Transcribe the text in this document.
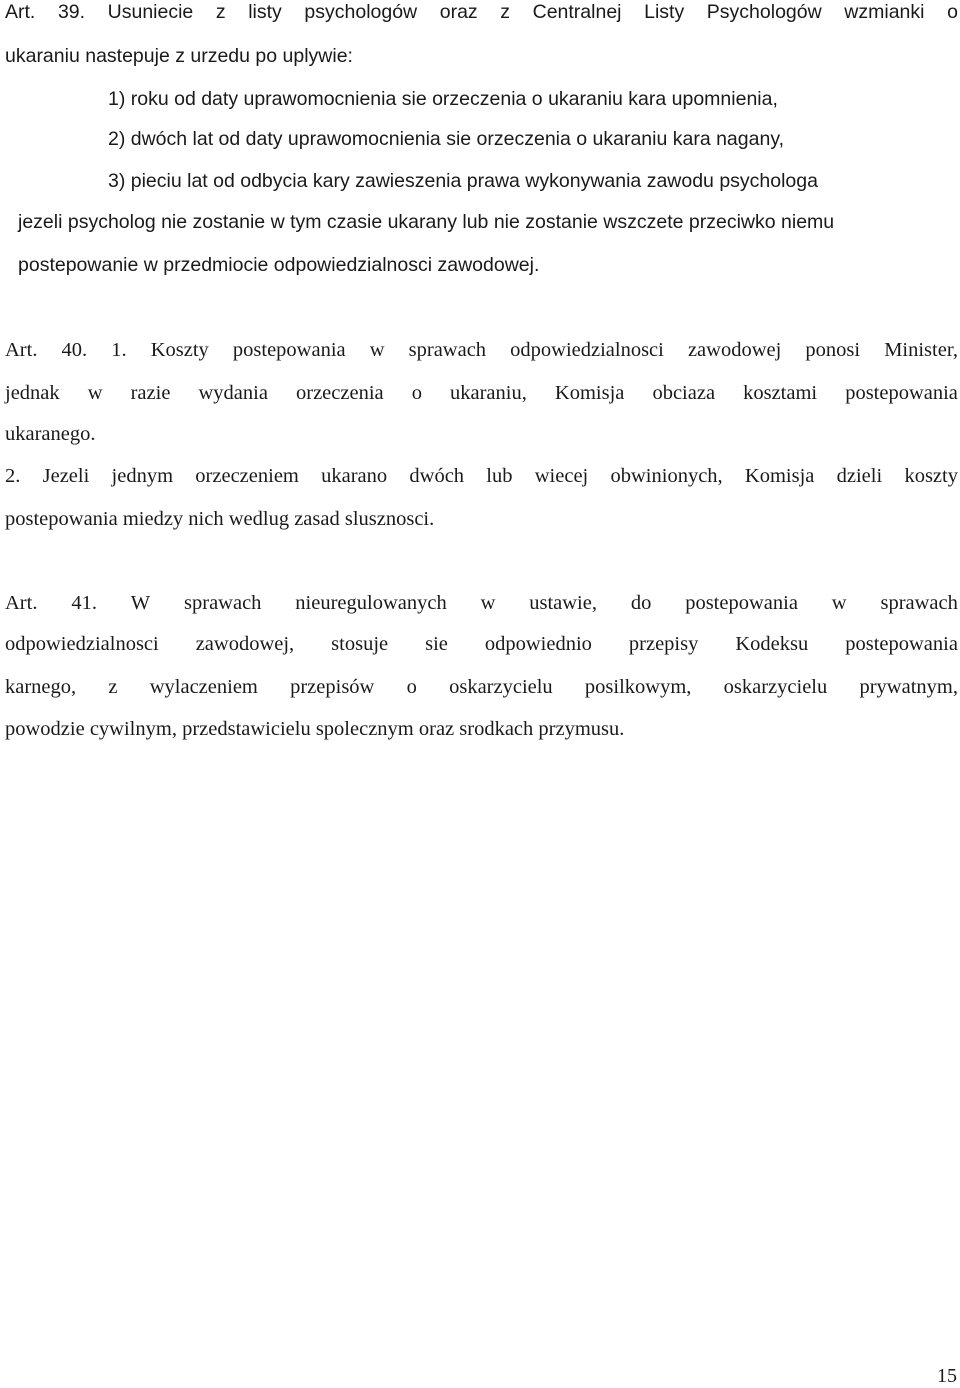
Art. 39. Usuniecie z listy psychologów oraz z Centralnej Listy Psychologów wzmianki o
ukaraniu nastepuje z urzedu po uplywie:
1) roku od daty uprawomocnienia sie orzeczenia o ukaraniu kara upomnienia,
2) dwóch lat od daty uprawomocnienia sie orzeczenia o ukaraniu kara nagany,
3) pieciu lat od odbycia kary zawieszenia prawa wykonywania zawodu psychologa
jezeli psycholog nie zostanie w tym czasie ukarany lub nie zostanie wszczete przeciwko niemu
postepowanie w przedmiocie odpowiedzialnosci zawodowej.
Art. 40. 1. Koszty postepowania w sprawach odpowiedzialnosci zawodowej ponosi Minister,
jednak w razie wydania orzeczenia o ukaraniu, Komisja obciaza kosztami postepowania
ukaranego.
2. Jezeli jednym orzeczeniem ukarano dwóch lub wiecej obwinionych, Komisja dzieli koszty
postepowania miedzy nich wedlug zasad slusznosci.
Art. 41. W sprawach nieuregulowanych w ustawie, do postepowania w sprawach
odpowiedzialnosci zawodowej, stosuje sie odpowiednio przepisy Kodeksu postepowania
karnego, z wylaczeniem przepisów o oskarzycielu posilkowym, oskarzycielu prywatnym,
powodzie cywilnym, przedstawicielu spolecznym oraz srodkach przymusu.
15
